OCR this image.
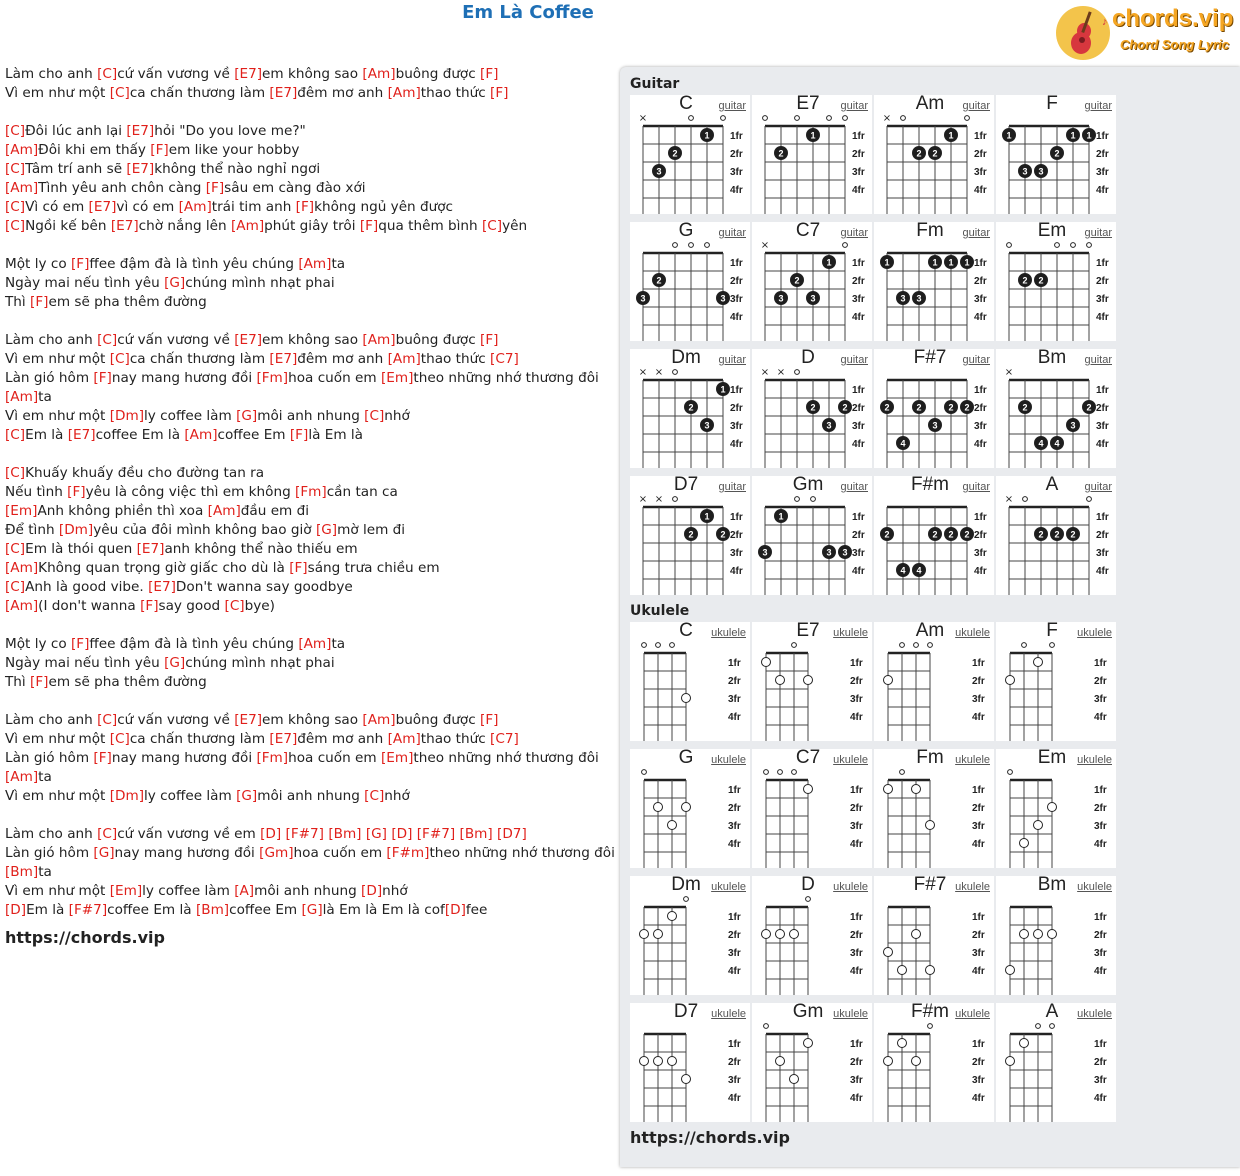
Em Là Coffee	♪ chords.vip
Chord Song Lyric
Làm cho anh [C]cứ vấn vương về [E7]em không sao [Am]buông được [F]
Vì em như một [C]ca chấn thương làm [E7]đêm mơ anh [Am]thao thức [F]
[C]Đôi lúc anh lại [E7]hỏi "Do you love me?"
[Am]Đôi khi em thấy [F]em like your hobby
[C]Tâm trí anh sẽ [E7]không thể nào nghỉ ngơi
[Am]Tình yêu anh chôn càng [F]sâu em càng đào xới
[C]Vì có em [E7]vì có em [Am]trái tim anh [F]không ngủ yên được
[C]Ngồi kế bên [E7]chờ nắng lên [Am]phút giây trôi [F]qua thêm bình [C]yên
Một ly co [F]ffee đậm đà là tình yêu chúng [Am]ta
Ngày mai nếu tình yêu [G]chúng mình nhạt phai
Thì [F]em sẽ pha thêm đường
Làm cho anh [C]cứ vấn vương về [E7]em không sao [Am]buông được [F]
Vì em như một [C]ca chấn thương làm [E7]đêm mơ anh [Am]thao thức [C7]
Làn gió hôm [F]nay mang hương đồi [Fm]hoa cuốn em [Em]theo những nhớ thương đôi
[Am]ta
Vì em như một [Dm]ly coffee làm [G]môi anh nhung [C]nhớ
[C]Em là [E7]coffee Em là [Am]coffee Em [F]là Em là
[C]Khuấy khuấy đều cho đường tan ra
Nếu tình [F]yêu là công việc thì em không [Fm]cần tan ca
[Em]Anh không phiền thì xoa [Am]đầu em đi
Để tình [Dm]yêu của đôi mình không bao giờ [G]mờ lem đi
[C]Em là thói quen [E7]anh không thể nào thiếu em
[Am]Không quan trọng giờ giấc cho dù là [F]sáng trưa chiều em
[C]Anh là good vibe. [E7]Don't wanna say goodbye
[Am](I don't wanna [F]say good [C]bye)
Một ly co [F]ffee đậm đà là tình yêu chúng [Am]ta
Ngày mai nếu tình yêu [G]chúng mình nhạt phai
Thì [F]em sẽ pha thêm đường
Làm cho anh [C]cứ vấn vương về [E7]em không sao [Am]buông được [F]
Vì em như một [C]ca chấn thương làm [E7]đêm mơ anh [Am]thao thức [C7]
Làn gió hôm [F]nay mang hương đồi [Fm]hoa cuốn em [Em]theo những nhớ thương đôi
[Am]ta
Vì em như một [Dm]ly coffee làm [G]môi anh nhung [C]nhớ
Làm cho anh [C]cứ vấn vương về em [D] [F#7] [Bm] [G] [D] [F#7] [Bm] [D7]
Làn gió hôm [G]nay mang hương đồi [Gm]hoa cuốn em [F#m]theo những nhớ thương đôi
[Bm]ta
Vì em như một [Em]ly coffee làm [A]môi anh nhung [D]nhớ
[D]Em là [F#7]coffee Em là [Bm]coffee Em [G]là Em là Em là cof[D]fee
https://chords.vip
Guitar
C	guitar
1fr
2fr
3fr
4fr
×
3
2
1
E7	guitar
1fr
2fr
3fr
4fr
2
1
Am	guitar
1fr
2fr
3fr
4fr
×
2 2
1
F	guitar
1fr
2fr
3fr
4fr
1
3 3
2
1 1
G	guitar
1fr
2fr
3fr
4fr
3
2
3
C7	guitar
1fr
2fr
3fr
4fr
×
3
2
3
1
Fm	guitar
1fr
2fr
3fr
4fr
1
3 3
1 1 1
Em	guitar
1fr
2fr
3fr
4fr
2 2
Dm	guitar
1fr
2fr
3fr
4fr
× ×
2
3
1
D	guitar
1fr
2fr
3fr
4fr
× ×
2
3
2
F#7	guitar
1fr
2fr
3fr
4fr
2
4
2
3
2 2
Bm	guitar
1fr
2fr
3fr
4fr
×
2
4 4
3
2
D7	guitar
1fr
2fr
3fr
4fr
× ×
2
1
2
Gm	guitar
1fr
2fr
3fr
4fr
3
1
3 3
F#m guitar
1fr
2fr
3fr
4fr
2
4 4
2 2 2
A	guitar
1fr
2fr
3fr
4fr
×
2 2 2
Ukulele
C	ukulele
1fr
2fr
3fr
4fr
E7	ukulele
1fr
2fr
3fr
4fr
Am ukulele
1fr
2fr
3fr
4fr
F	ukulele
1fr
2fr
3fr
4fr
G	ukulele
1fr
2fr
3fr
4fr
C7	ukulele
1fr
2fr
3fr
4fr
Fm	ukulele
1fr
2fr
3fr
4fr
Em ukulele
1fr
2fr
3fr
4fr
Dm ukulele
1fr
2fr
3fr
4fr
D	ukulele
1fr
2fr
3fr
4fr
F#7 ukulele
1fr
2fr
3fr
4fr
Bm ukulele
1fr
2fr
3fr
4fr
D7	ukulele
1fr
2fr
3fr
4fr
Gm ukulele
1fr
2fr
3fr
4fr
F#m ukulele
1fr
2fr
3fr
4fr
A	ukulele
1fr
2fr
3fr
4fr
https://chords.vip
